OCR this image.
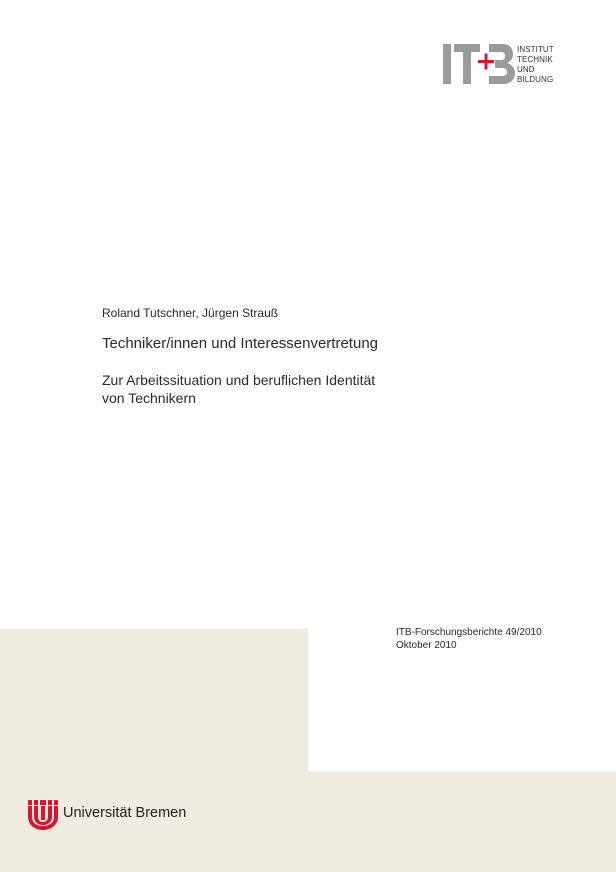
INSTITUT
TECHNIK
UND
BILDUNG
Roland Tutschner, Jürgen Strauß
Techniker/innen und Interessenvertretung
Zur Arbeitssituation und beruflichen Identität
von Technikern
ITB-Forschungsberichte 49/2010
Oktober 2010
Universität Bremen
